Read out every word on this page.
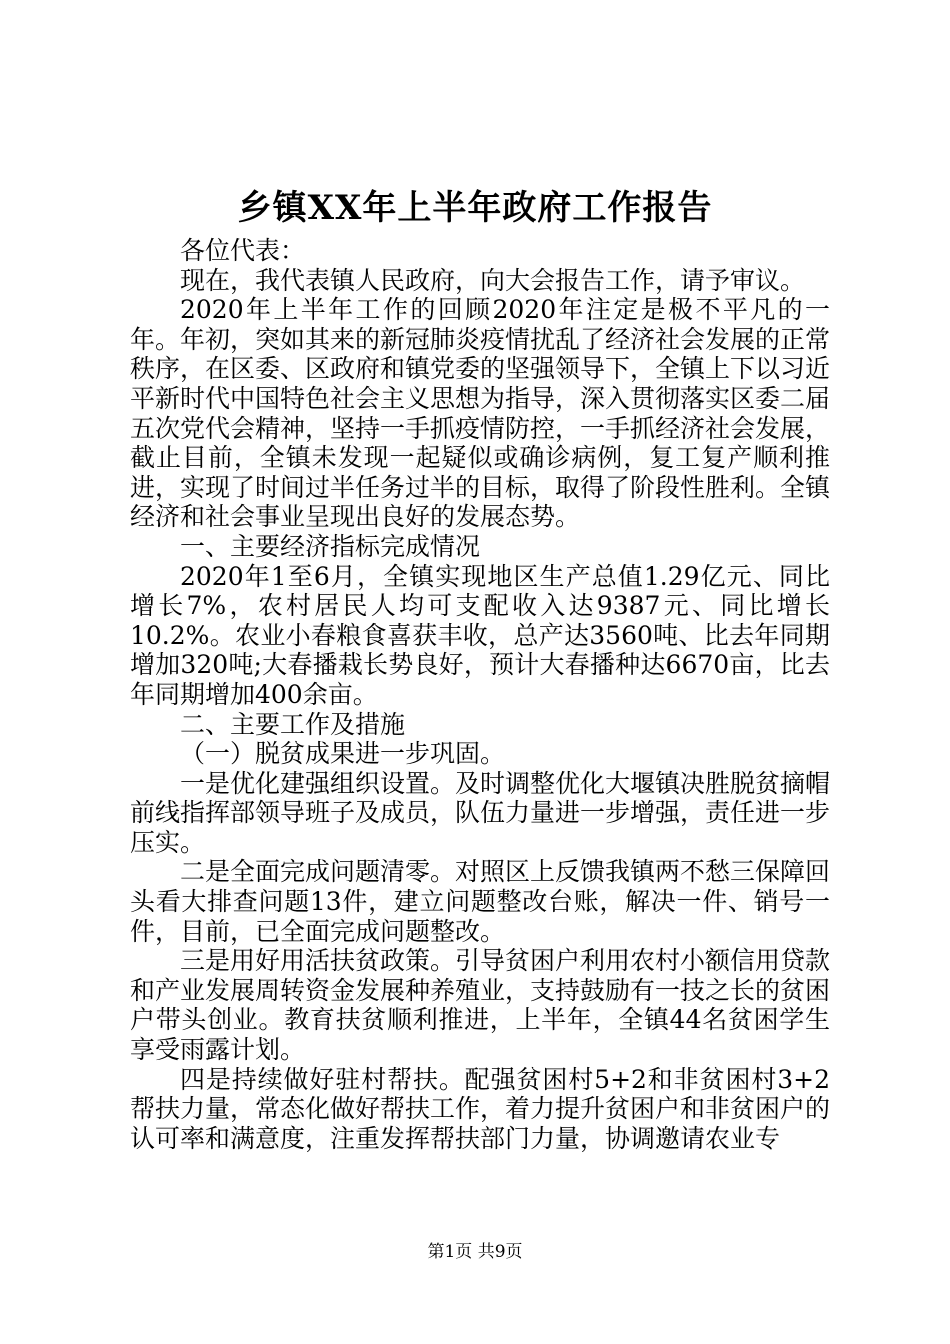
乡镇XX年上半年政府工作报告

各位代表：

现在，我代表镇人民政府，向大会报告工作，请予审议。

2020年上半年工作的回顾2020年注定是极不平凡的一年。年初，突如其来的新冠肺炎疫情扰乱了经济社会发展的正常秩序，在区委、区政府和镇党委的坚强领导下，全镇上下以习近平新时代中国特色社会主义思想为指导，深入贯彻落实区委二届五次党代会精神，坚持一手抓疫情防控，一手抓经济社会发展，截止目前，全镇未发现一起疑似或确诊病例，复工复产顺利推进，实现了时间过半任务过半的目标，取得了阶段性胜利。全镇经济和社会事业呈现出良好的发展态势。

一、主要经济指标完成情况

2020年1至6月，全镇实现地区生产总值1.29亿元、同比增长7%，农村居民人均可支配收入达9387元、同比增长10.2%。农业小春粮食喜获丰收，总产达3560吨、比去年同期增加320吨;大春播栽长势良好，预计大春播种达6670亩，比去年同期增加400余亩。

二、主要工作及措施

（一）脱贫成果进一步巩固。

一是优化建强组织设置。及时调整优化大堰镇决胜脱贫摘帽前线指挥部领导班子及成员，队伍力量进一步增强，责任进一步压实。

二是全面完成问题清零。对照区上反馈我镇两不愁三保障回头看大排查问题13件，建立问题整改台账，解决一件、销号一件，目前，已全面完成问题整改。

三是用好用活扶贫政策。引导贫困户利用农村小额信用贷款和产业发展周转资金发展种养殖业，支持鼓励有一技之长的贫困户带头创业。教育扶贫顺利推进，上半年，全镇44名贫困学生享受雨露计划。

四是持续做好驻村帮扶。配强贫困村5+2和非贫困村3+2帮扶力量，常态化做好帮扶工作，着力提升贫困户和非贫困户的认可率和满意度，注重发挥帮扶部门力量，协调邀请农业专

第1页 共9页
